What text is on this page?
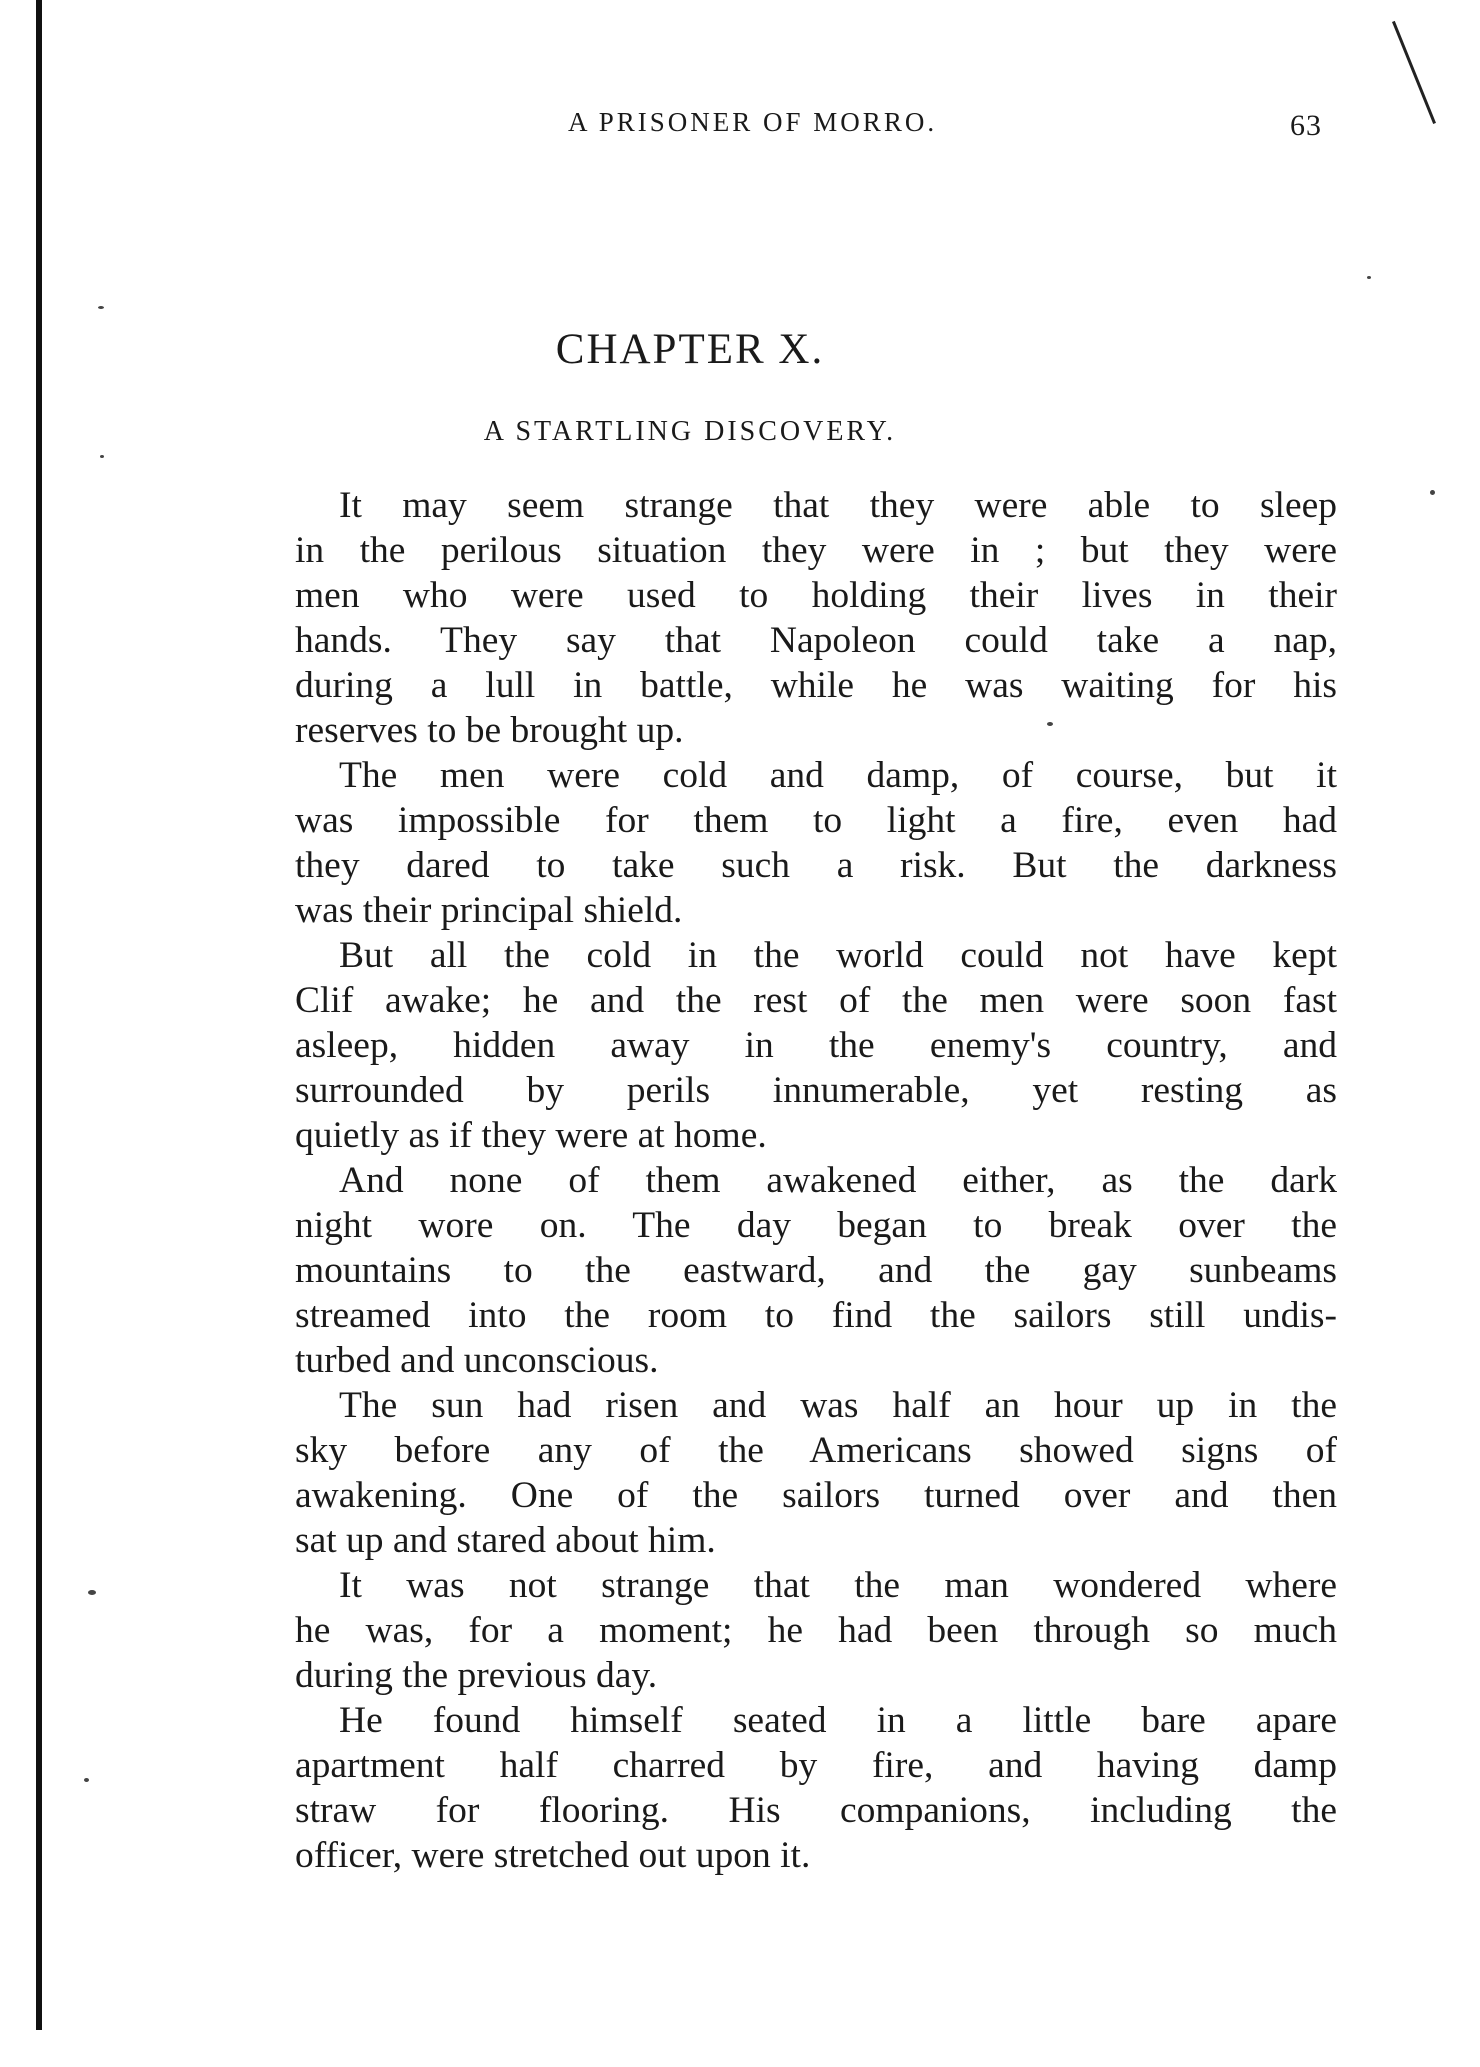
A PRISONER OF MORRO.	63
CHAPTER X.
A STARTLING DISCOVERY.
It may seem strange that they were able to sleep
in the perilous situation they were in ; but they were
men who were used to holding their lives in their
hands. They say that Napoleon could take a nap,
during a lull in battle, while he was waiting for his
reserves to be brought up.
The men were cold and damp, of course, but it
was impossible for them to light a fire, even had
they dared to take such a risk. But the darkness
was their principal shield.
But all the cold in the world could not have kept
Clif awake; he and the rest of the men were soon fast
asleep, hidden away in the enemy's country, and
surrounded by perils innumerable, yet resting as
quietly as if they were at home.
And none of them awakened either, as the dark
night wore on. The day began to break over the
mountains to the eastward, and the gay sunbeams
streamed into the room to find the sailors still undis-
turbed and unconscious.
The sun had risen and was half an hour up in the
sky before any of the Americans showed signs of
awakening. One of the sailors turned over and then
sat up and stared about him.
It was not strange that the man wondered where
he was, for a moment; he had been through so much
during the previous day.
He found himself seated in a little bare apare
apartment half charred by fire, and having damp
straw for flooring. His companions, including the
officer, were stretched out upon it.
